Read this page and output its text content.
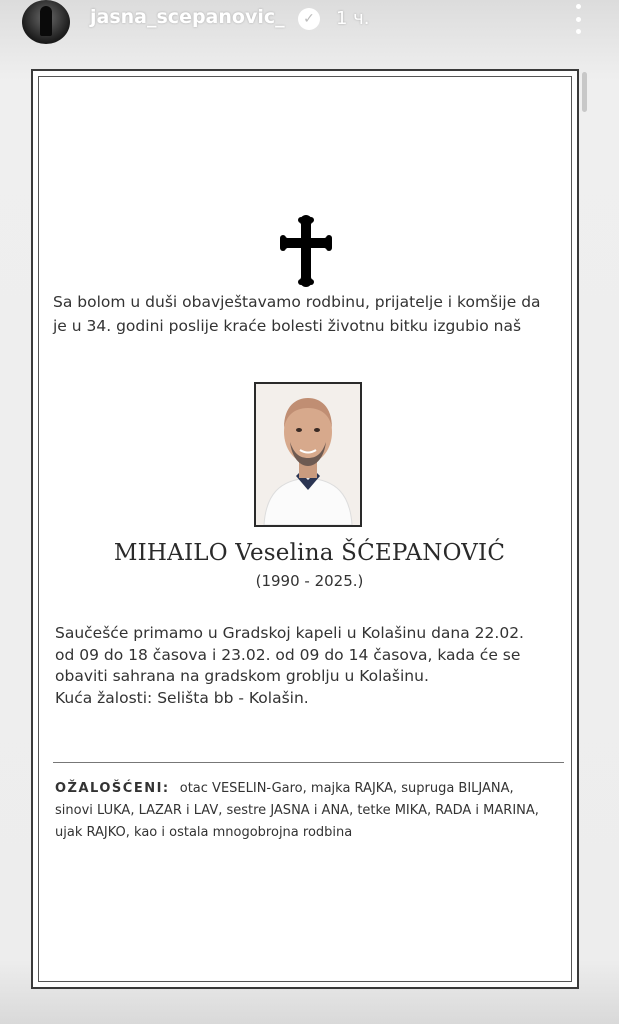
jasna_scepanovic_	✓ 1 ч.
Sa bolom u duši obavještavamo rodbinu, prijatelje i komšije da je u 34. godini poslije kraće bolesti životnu bitku izgubio naš
MIHAILO Veselina ŠĆEPANOVIĆ
(1990 - 2025.)
Saučešće primamo u Gradskoj kapeli u Kolašinu dana 22.02. od 09 do 18 časova i 23.02. od 09 do 14 časova, kada će se obaviti sahrana na gradskom groblju u Kolašinu.
Kuća žalosti: Selišta bb - Kolašin.
OŽALOŠĆENI: otac VESELIN-Garo, majka RAJKA, supruga BILJANA, sinovi LUKA, LAZAR i LAV, sestre JASNA i ANA, tetke MIKA, RADA i MARINA, ujak RAJKO, kao i ostala mnogobrojna rodbina
